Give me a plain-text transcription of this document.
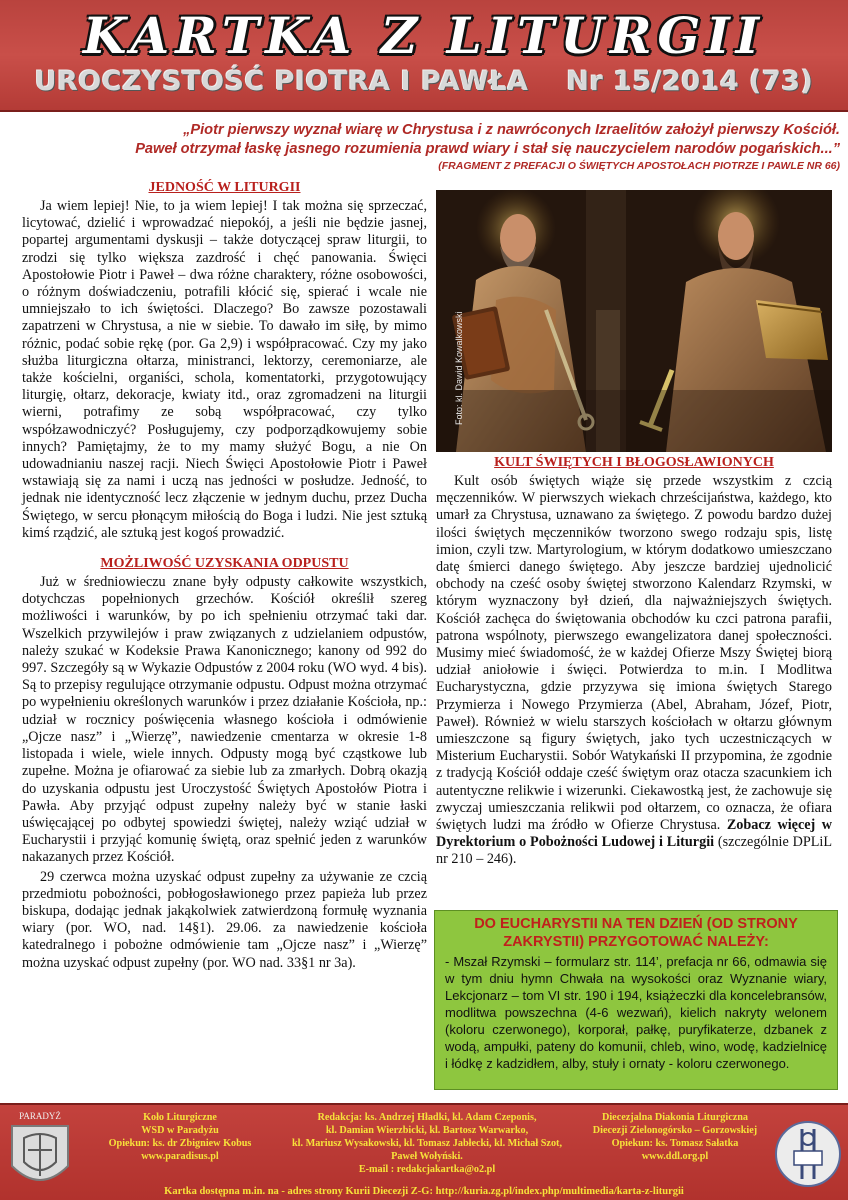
KARTKA Z LITURGII
UROCZYSTOŚĆ PIOTRA I PAWŁA Nr 15/2014 (73)
„Piotr pierwszy wyznał wiarę w Chrystusa i z nawróconych Izraelitów założył pierwszy Kościół.
Paweł otrzymał łaskę jasnego rozumienia prawd wiary i stał się nauczycielem narodów pogańskich...”
(FRAGMENT Z PREFACJI O ŚWIĘTYCH APOSTOŁACH PIOTRZE I PAWLE NR 66)
JEDNOŚĆ W LITURGII

Ja wiem lepiej! Nie, to ja wiem lepiej! I tak można się sprzeczać, licytować, dzielić i wprowadzać niepokój, a jeśli nie będzie jasnej, popartej argumentami dyskusji – także dotyczącej spraw liturgii, to zrodzi się tylko większa zazdrość i chęć panowania. Święci Apostołowie Piotr i Paweł – dwa różne charaktery, różne osobowości, o różnym doświadczeniu, potrafili kłócić się, spierać i wcale nie umniejszało to ich świętości. Dlaczego? Bo zawsze pozostawali zapatrzeni w Chrystusa, a nie w siebie. To dawało im siłę, by mimo różnic, podać sobie rękę (por. Ga 2,9) i współpracować. Czy my jako służba liturgiczna ołtarza, ministranci, lektorzy, ceremoniarze, ale także kościelni, organiści, schola, komentatorki, przygotowujący liturgię, ołtarz, dekoracje, kwiaty itd., oraz zgromadzeni na liturgii wierni, potrafimy ze sobą współpracować, czy tylko współzawodniczyć? Posługujemy, czy podporządkowujemy sobie innych? Pamiętajmy, że to my mamy służyć Bogu, a nie On udowadnianiu naszej racji. Niech Święci Apostołowie Piotr i Paweł wstawiają się za nami i uczą nas jedności w posłudze. Jedność, to jednak nie identyczność lecz złączenie w jednym duchu, przez Ducha Świętego, w sercu płonącym miłością do Boga i ludzi. Nie jest sztuką kimś rządzić, ale sztuką jest kogoś prowadzić.

MOŻLIWOŚĆ UZYSKANIA ODPUSTU

Już w średniowieczu znane były odpusty całkowite wszystkich, dotychczas popełnionych grzechów. Kościół określił szereg możliwości i warunków, by po ich spełnieniu otrzymać taki dar. Wszelkich przywilejów i praw związanych z udzielaniem odpustów, należy szukać w Kodeksie Prawa Kanonicznego; kanony od 992 do 997. Szczegóły są w Wykazie Odpustów z 2004 roku (WO wyd. 4 bis). Są to przepisy regulujące otrzymanie odpustu. Odpust można otrzymać po wypełnieniu określonych warunków i przez działanie Kościoła, np.: udział w rocznicy poświęcenia własnego kościoła i odmówienie „Ojcze nasz” i „Wierzę”, nawiedzenie cmentarza w okresie 1-8 listopada i wiele, wiele innych. Odpusty mogą być cząstkowe lub zupełne. Można je ofiarować za siebie lub za zmarłych. Dobrą okazją do uzyskania odpustu jest Uroczystość Świętych Apostołów Piotra i Pawła. Aby przyjąć odpust zupełny należy być w stanie łaski uświęcającej po odbytej spowiedzi świętej, należy wziąć udział w Eucharystii i przyjąć komunię świętą, oraz spełnić jeden z warunków nakazanych przez Kościół.

29 czerwca można uzyskać odpust zupełny za używanie ze czcią przedmiotu pobożności, pobłogosławionego przez papieża lub przez biskupa, dodając jednak jakąkolwiek zatwierdzoną formułę wyznania wiary (por. WO, nad. 14§1). 29.06. za nawiedzenie kościoła katedralnego i pobożne odmówienie tam „Ojcze nasz” i „Wierzę” można uzyskać odpust zupełny (por. WO nad. 33§1 nr 3a).

Foto: kl. Dawid Kowalkowski
KULT ŚWIĘTYCH I BŁOGOSŁAWIONYCH

Kult osób świętych wiąże się przede wszystkim z czcią męczenników. W pierwszych wiekach chrześcijaństwa, każdego, kto umarł za Chrystusa, uznawano za świętego. Z powodu bardzo dużej ilości świętych męczenników tworzono swego rodzaju spis, listę imion, czyli tzw. Martyrologium, w którym dodatkowo umieszczano datę śmierci danego świętego. Aby jeszcze bardziej ujednolicić obchody na cześć osoby świętej stworzono Kalendarz Rzymski, w którym wyznaczony był dzień, dla najważniejszych świętych. Kościół zachęca do świętowania obchodów ku czci patrona parafii, patrona wspólnoty, pierwszego ewangelizatora danej społeczności. Musimy mieć świadomość, że w każdej Ofierze Mszy Świętej biorą udział aniołowie i święci. Potwierdza to m.in. I Modlitwa Eucharystyczna, gdzie przyzywa się imiona świętych Starego Przymierza i Nowego Przymierza (Abel, Abraham, Józef, Piotr, Paweł). Również w wielu starszych kościołach w ołtarzu głównym umieszczone są figury świętych, jako tych uczestniczących w Misterium Eucharystii. Sobór Watykański II przypomina, że zgodnie z tradycją Kościół oddaje cześć świętym oraz otacza szacunkiem ich autentyczne relikwie i wizerunki. Ciekawostką jest, że zachowuje się zwyczaj umieszczania relikwii pod ołtarzem, co oznacza, że ofiara świętych ludzi ma źródło w Ofierze Chrystusa. Zobacz więcej w Dyrektorium o Pobożności Ludowej i Liturgii (szczególnie DPLiL nr 210 – 246).

DO EUCHARYSTII NA TEN DZIEŃ (OD STRONY ZAKRYSTII) PRZYGOTOWAĆ NALEŻY:
- Mszał Rzymski – formularz str. 114’, prefacja nr 66, odmawia się w tym dniu hymn Chwała na wysokości oraz Wyznanie wiary, Lekcjonarz – tom VI str. 190 i 194, książeczki dla koncelebransów, modlitwa powszechna (4-6 wezwań), kielich nakryty welonem (koloru czerwonego), korporał, pałkę, puryfikaterze, dzbanek z wodą, ampułki, pateny do komunii, chleb, wino, wodę, kadzielnicę i łódkę z kadzidłem, alby, stuły i ornaty - koloru czerwonego.
PARADYŻ	Koło Liturgiczne
WSD w Paradyżu
Opiekun: ks. dr Zbigniew Kobus
www.paradisus.pl
Redakcja: ks. Andrzej Hładki, kl. Adam Czeponis,
kl. Damian Wierzbicki, kl. Bartosz Warwarko,
kl. Mariusz Wysakowski, kl. Tomasz Jabłecki, kl. Michał Szot,
Paweł Wołyński.
E-mail : redakcjakartka@o2.pl
Diecezjalna Diakonia Liturgiczna
Diecezji Zielonogórsko – Gorzowskiej
Opiekun: ks. Tomasz Sałatka
www.ddl.org.pl
Kartka dostępna m.in. na - adres strony Kurii Diecezji Z-G: http://kuria.zg.pl/index.php/multimedia/karta-z-liturgii
